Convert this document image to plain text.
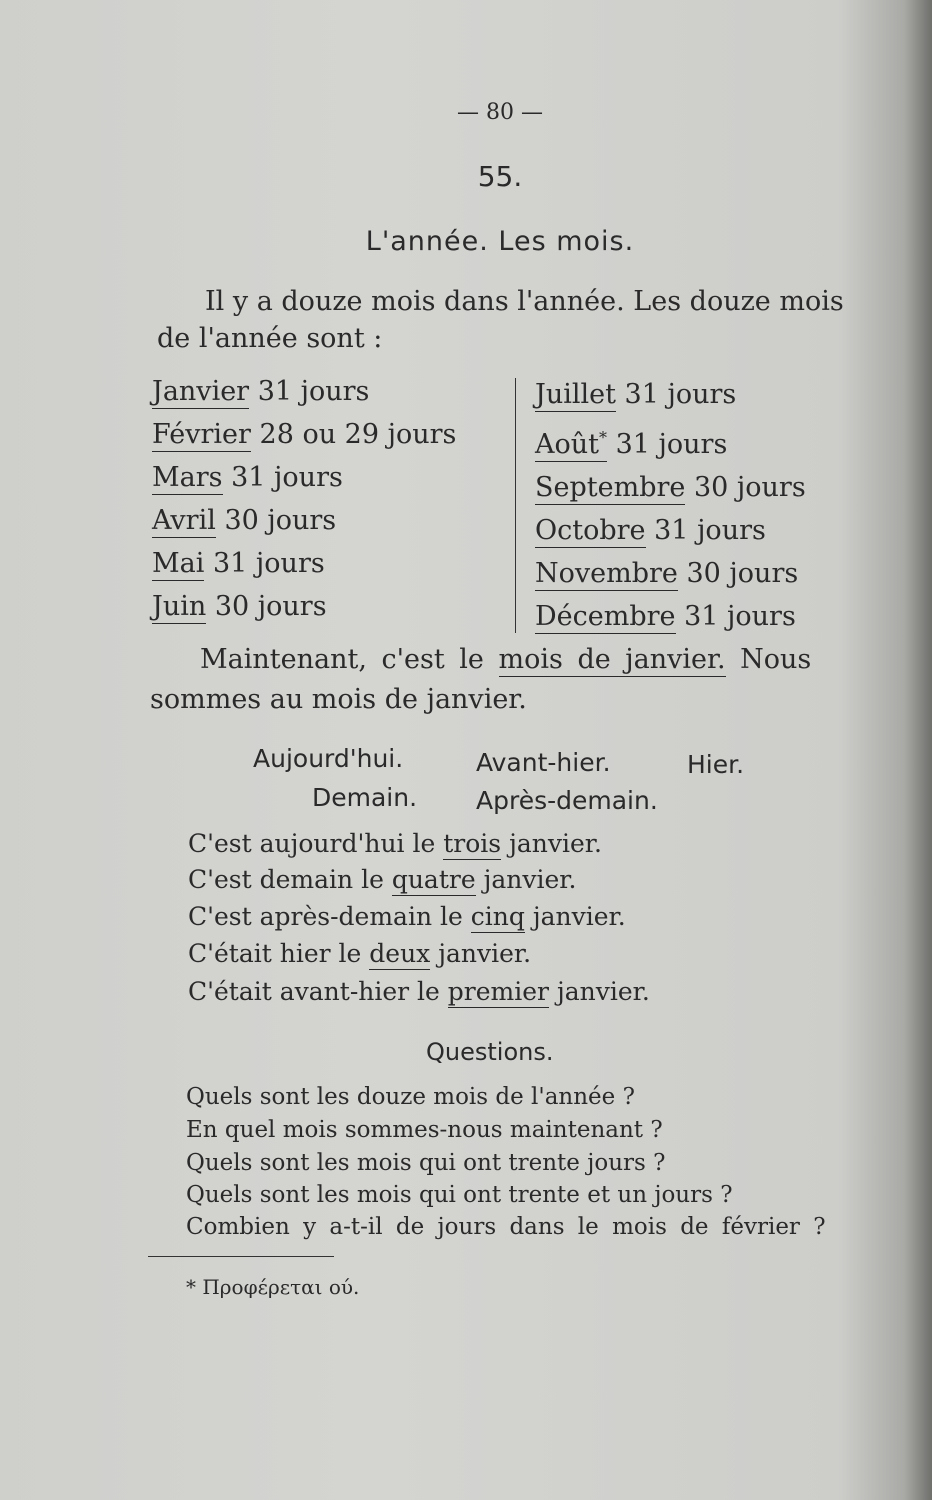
— 80 —
55.
L'année. Les mois.
Il y a douze mois dans l'année. Les douze mois
de l'année sont :
Janvier 31 jours
Février 28 ou 29 jours
Mars 31 jours
Avril 30 jours
Mai 31 jours
Juin 30 jours
Juillet 31 jours
Août* 31 jours
Septembre 30 jours
Octobre 31 jours
Novembre 30 jours
Décembre 31 jours
Maintenant, c'est le mois de janvier. Nous
sommes au mois de janvier.
Aujourd'hui.	Avant-hier.	Hier.
Demain. Après-demain.
C'est aujourd'hui le trois janvier.
C'est demain le quatre janvier.
C'est après-demain le cinq janvier.
C'était hier le deux janvier.
C'était avant-hier le premier janvier.
Questions.
Quels sont les douze mois de l'année ?
En quel mois sommes-nous maintenant ?
Quels sont les mois qui ont trente jours ?
Quels sont les mois qui ont trente et un jours ?
Combien y a-t-il de jours dans le mois de février ?
* Προφέρεται ού.
